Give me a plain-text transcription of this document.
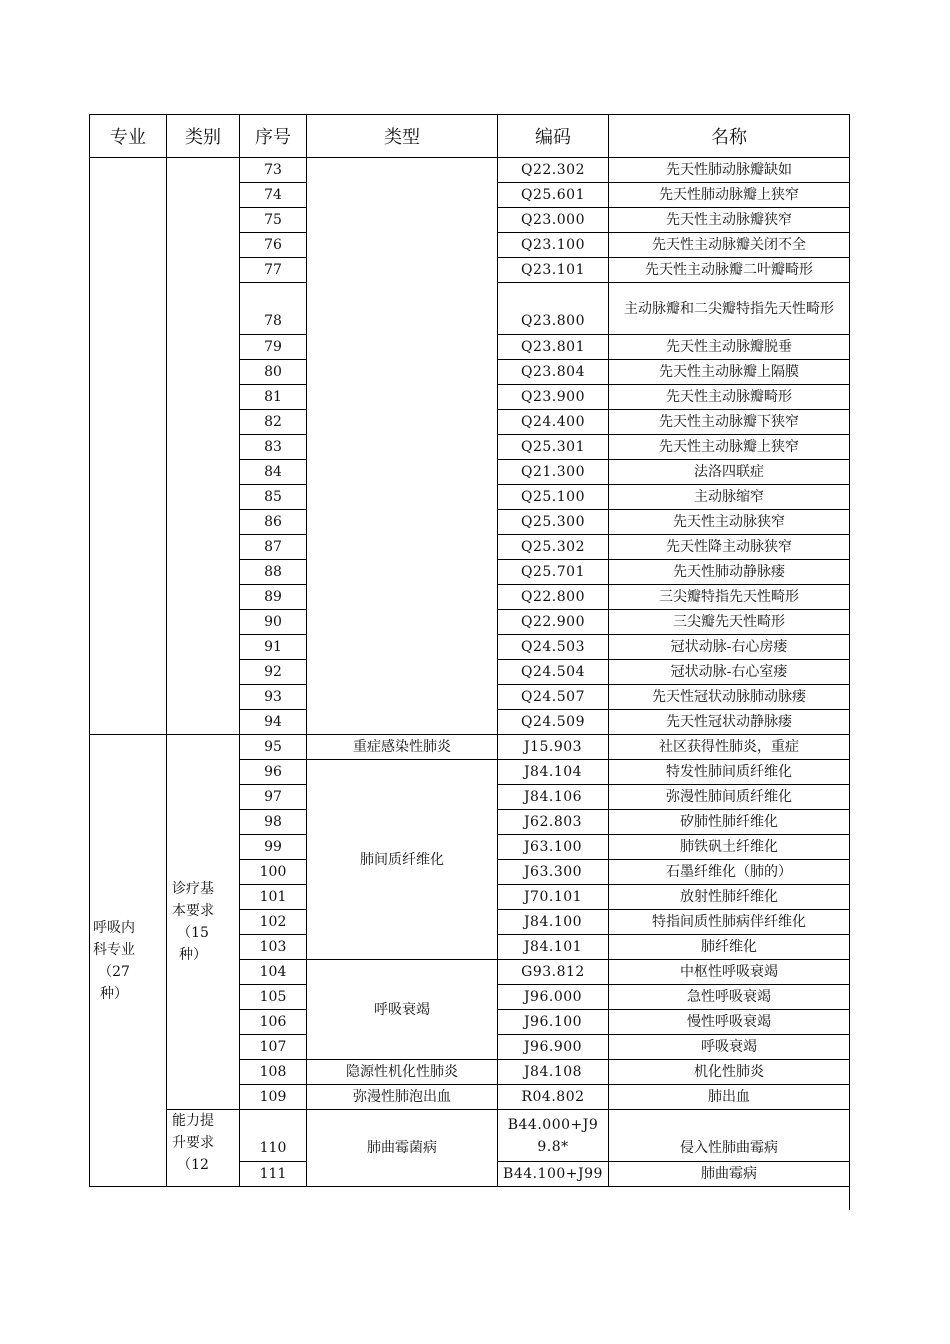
专业	类别	序号	类型	编码	名称
		73		Q22.302	先天性肺动脉瓣缺如
		74		Q25.601	先天性肺动脉瓣上狭窄
		75		Q23.000	先天性主动脉瓣狭窄
		76		Q23.100	先天性主动脉瓣关闭不全
		77		Q23.101	先天性主动脉瓣二叶瓣畸形
		78		Q23.800	主动脉瓣和二尖瓣特指先天性畸形

		79		Q23.801	先天性主动脉瓣脱垂
		80		Q23.804	先天性主动脉瓣上隔膜
		81		Q23.900	先天性主动脉瓣畸形
		82		Q24.400	先天性主动脉瓣下狭窄
		83		Q25.301	先天性主动脉瓣上狭窄
		84		Q21.300	法洛四联症
		85		Q25.100	主动脉缩窄
		86		Q25.300	先天性主动脉狭窄
		87		Q25.302	先天性降主动脉狭窄
		88		Q25.701	先天性肺动静脉瘘
		89		Q22.800	三尖瓣特指先天性畸形
		90		Q22.900	三尖瓣先天性畸形
		91		Q24.503	冠状动脉-右心房瘘
		92		Q24.504	冠状动脉-右心室瘘
		93		Q24.507	先天性冠状动脉肺动脉瘘
		94		Q24.509	先天性冠状动静脉瘘

呼吸内科专业（27种）	诊疗基本要求（15种）	95	重症感染性肺炎	J15.903	社区获得性肺炎，重症
		96	肺间质纤维化	J84.104	特发性肺间质纤维化
		97		J84.106	弥漫性肺间质纤维化
		98		J62.803	矽肺性肺纤维化
		99		J63.100	肺铁矾土纤维化
		100		J63.300	石墨纤维化（肺的）
		101		J70.101	放射性肺纤维化
		102		J84.100	特指间质性肺病伴纤维化
		103		J84.101	肺纤维化
		104	呼吸衰竭	G93.812	中枢性呼吸衰竭
		105		J96.000	急性呼吸衰竭
		106		J96.100	慢性呼吸衰竭
		107		J96.900	呼吸衰竭
		108	隐源性机化性肺炎	J84.108	机化性肺炎
		109	弥漫性肺泡出血	R04.802	肺出血

	能力提升要求（12	110	肺曲霉菌病	B44.000+J99.8*	侵入性肺曲霉病
		111		B44.100+J99	肺曲霉病
